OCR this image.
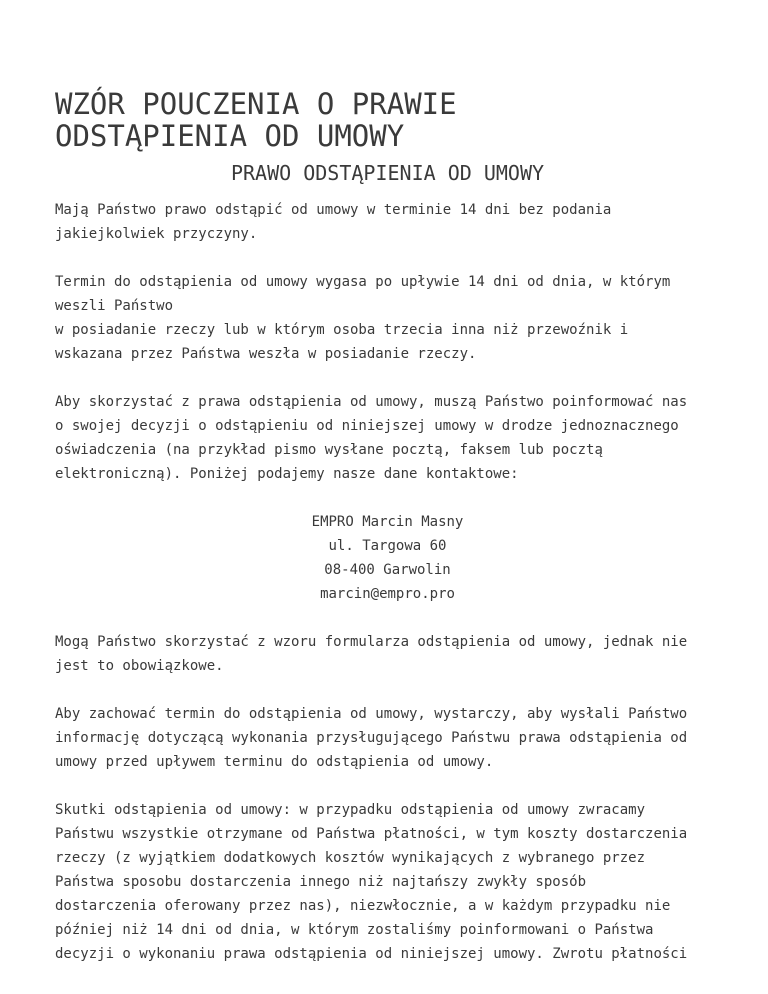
WZÓR POUCZENIA O PRAWIE
ODSTĄPIENIA OD UMOWY
PRAWO ODSTĄPIENIA OD UMOWY

Mają Państwo prawo odstąpić od umowy w terminie 14 dni bez podania
jakiejkolwiek przyczyny.

Termin do odstąpienia od umowy wygasa po upływie 14 dni od dnia, w którym
weszli Państwo
w posiadanie rzeczy lub w którym osoba trzecia inna niż przewoźnik i
wskazana przez Państwa weszła w posiadanie rzeczy.

Aby skorzystać z prawa odstąpienia od umowy, muszą Państwo poinformować nas
o swojej decyzji o odstąpieniu od niniejszej umowy w drodze jednoznacznego
oświadczenia (na przykład pismo wysłane pocztą, faksem lub pocztą
elektroniczną). Poniżej podajemy nasze dane kontaktowe:

EMPRO Marcin Masny
ul. Targowa 60
08-400 Garwolin
marcin@empro.pro

Mogą Państwo skorzystać z wzoru formularza odstąpienia od umowy, jednak nie
jest to obowiązkowe.

Aby zachować termin do odstąpienia od umowy, wystarczy, aby wysłali Państwo
informację dotyczącą wykonania przysługującego Państwu prawa odstąpienia od
umowy przed upływem terminu do odstąpienia od umowy.

Skutki odstąpienia od umowy: w przypadku odstąpienia od umowy zwracamy
Państwu wszystkie otrzymane od Państwa płatności, w tym koszty dostarczenia
rzeczy (z wyjątkiem dodatkowych kosztów wynikających z wybranego przez
Państwa sposobu dostarczenia innego niż najtańszy zwykły sposób
dostarczenia oferowany przez nas), niezwłocznie, a w każdym przypadku nie
później niż 14 dni od dnia, w którym zostaliśmy poinformowani o Państwa
decyzji o wykonaniu prawa odstąpienia od niniejszej umowy. Zwrotu płatności
